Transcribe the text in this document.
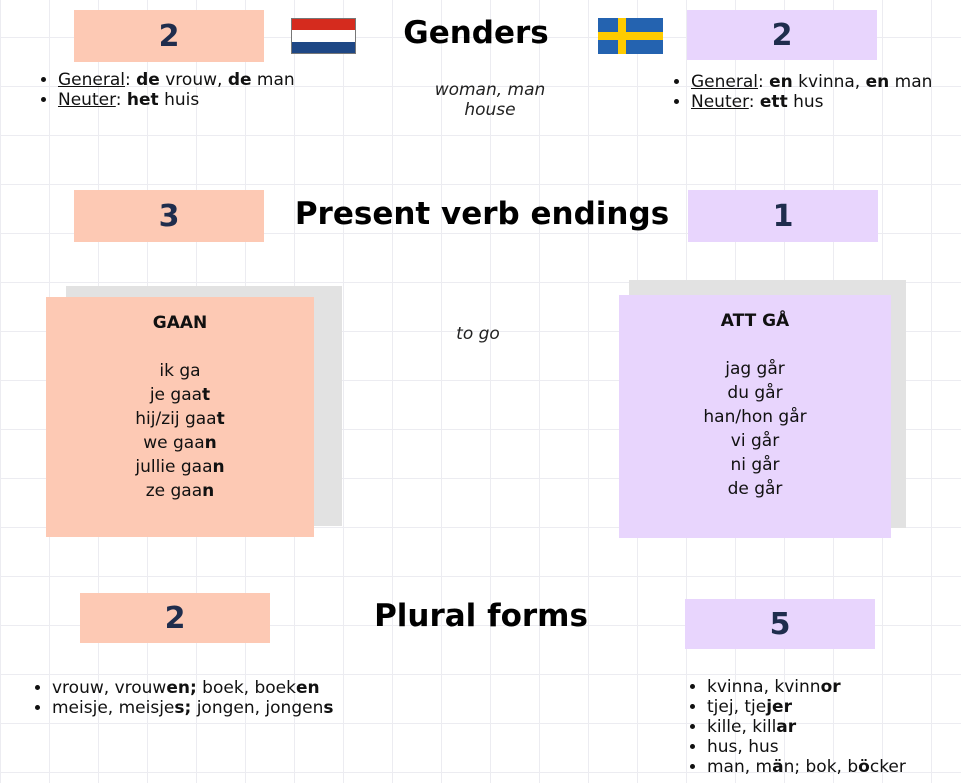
2	Genders	2
• General: de vrouw, de man
• Neuter: het huis	woman, man
house
• General: en kvinna, en man
• Neuter: ett hus
3	Present verb endings	1
GAAN
ik ga
je gaat
hij/zij gaat
we gaan
jullie gaan
ze gaan
to go
ATT GÅ
jag går
du går
han/hon går
vi går
ni går
de går
2	Plural forms	5
• vrouw, vrouwen; boek, boeken
• meisje, meisjes; jongen, jongens
• kvinna, kvinnor
• tjej, tjejer
• kille, killar
• hus, hus
• man, män; bok, böcker
